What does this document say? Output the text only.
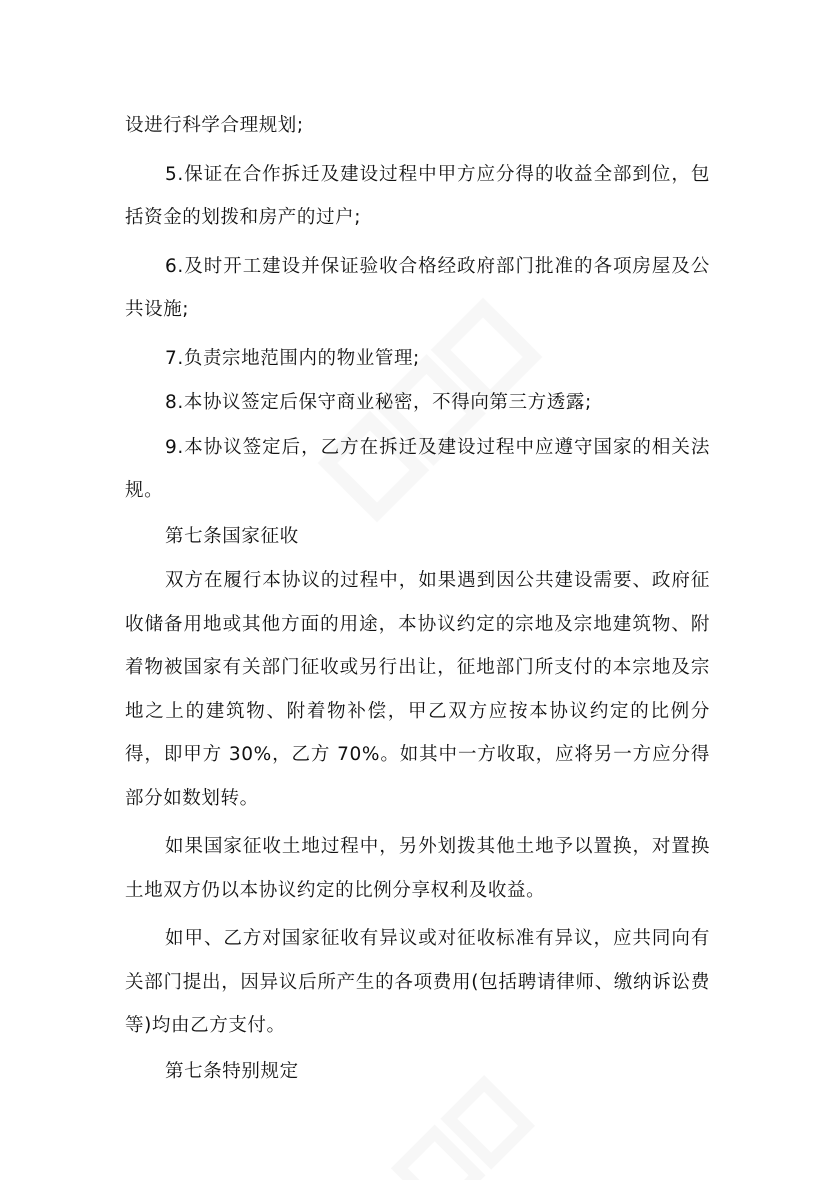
设进行科学合理规划;

5.保证在合作拆迁及建设过程中甲方应分得的收益全部到位，包括资金的划拨和房产的过户;

6.及时开工建设并保证验收合格经政府部门批准的各项房屋及公共设施;

7.负责宗地范围内的物业管理;

8.本协议签定后保守商业秘密，不得向第三方透露;

9.本协议签定后，乙方在拆迁及建设过程中应遵守国家的相关法规。

第七条国家征收

双方在履行本协议的过程中，如果遇到因公共建设需要、政府征收储备用地或其他方面的用途，本协议约定的宗地及宗地建筑物、附着物被国家有关部门征收或另行出让，征地部门所支付的本宗地及宗地之上的建筑物、附着物补偿，甲乙双方应按本协议约定的比例分得，即甲方 30%，乙方 70%。如其中一方收取，应将另一方应分得部分如数划转。

如果国家征收土地过程中，另外划拨其他土地予以置换，对置换土地双方仍以本协议约定的比例分享权利及收益。

如甲、乙方对国家征收有异议或对征收标准有异议，应共同向有关部门提出，因异议后所产生的各项费用(包括聘请律师、缴纳诉讼费等)均由乙方支付。

第七条特别规定
